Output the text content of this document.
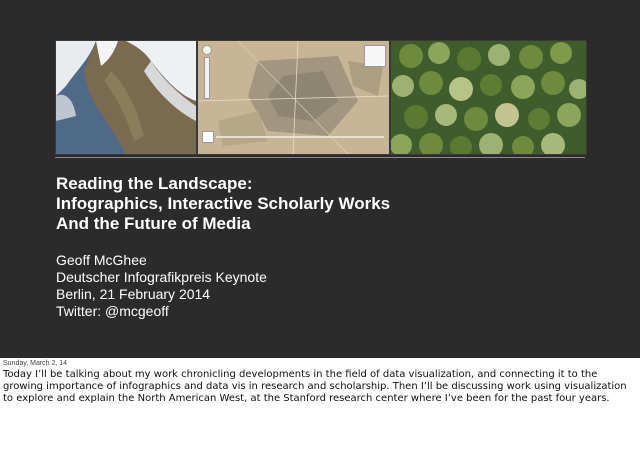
Reading the Landscape:
Infographics, Interactive Scholarly Works
And the Future of Media
Geoff McGhee
Deutscher Infografikpreis Keynote
Berlin, 21 February 2014
Twitter: @mcgeoff
Sunday, March 2, 14
Today I’ll be talking about my work chronicling developments in the field of data visualization, and connecting it to the growing importance of infographics and data vis in research and scholarship. Then I’ll be discussing work using visualization to explore and explain the North American West, at the Stanford research center where I’ve been for the past four years.
